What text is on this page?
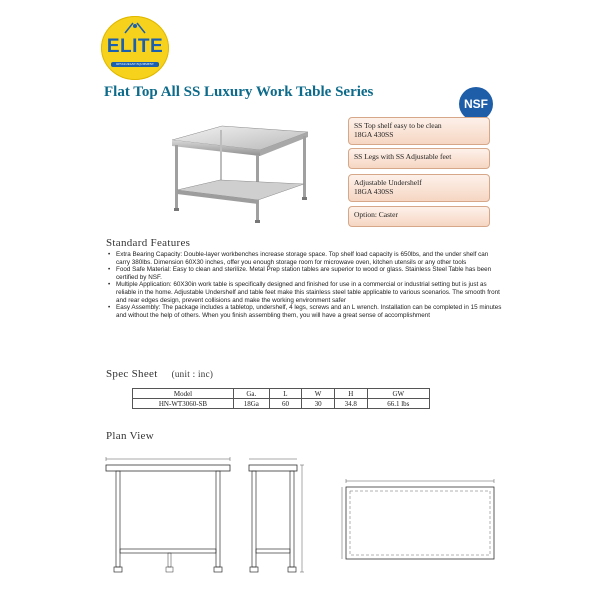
ELITE
RESTAURANT EQUIPMENT
Flat Top All SS Luxury Work Table Series
NSF
SS Top shelf easy to be clean
18GA 430SS
SS Legs with SS Adjustable feet
Adjustable Undershelf
18GA 430SS
Option: Caster
Standard Features
• Extra Bearing Capacity: Double-layer workbenches increase storage space. Top shelf load capacity is 650lbs, and the under shelf can carry 380lbs. Dimension 60X30 inches, offer you enough storage room for microwave oven, kitchen utensils or any other tools
• Food Safe Material: Easy to clean and sterilize. Metal Prep station tables are superior to wood or glass. Stainless Steel Table has been certified by NSF.
• Multiple Application: 60X30in work table is specifically designed and finished for use in a commercial or industrial setting but is just as reliable in the home. Adjustable Undershelf and table feet make this stainless steel table applicable to various scenarios. The smooth front and rear edges design, prevent collisions and make the working environment safer
• Easy Assembly: The package includes a tabletop, undershelf, 4 legs, screws and an L wrench. Installation can be completed in 15 minutes and without the help of others. When you finish assembling them, you will have a great sense of accomplishment
Spec Sheet (unit : inc)
Model	Ga.	L	W	H	GW
HN-WT3060-SB	18Ga	60	30	34.8	66.1 lbs
Plan View
